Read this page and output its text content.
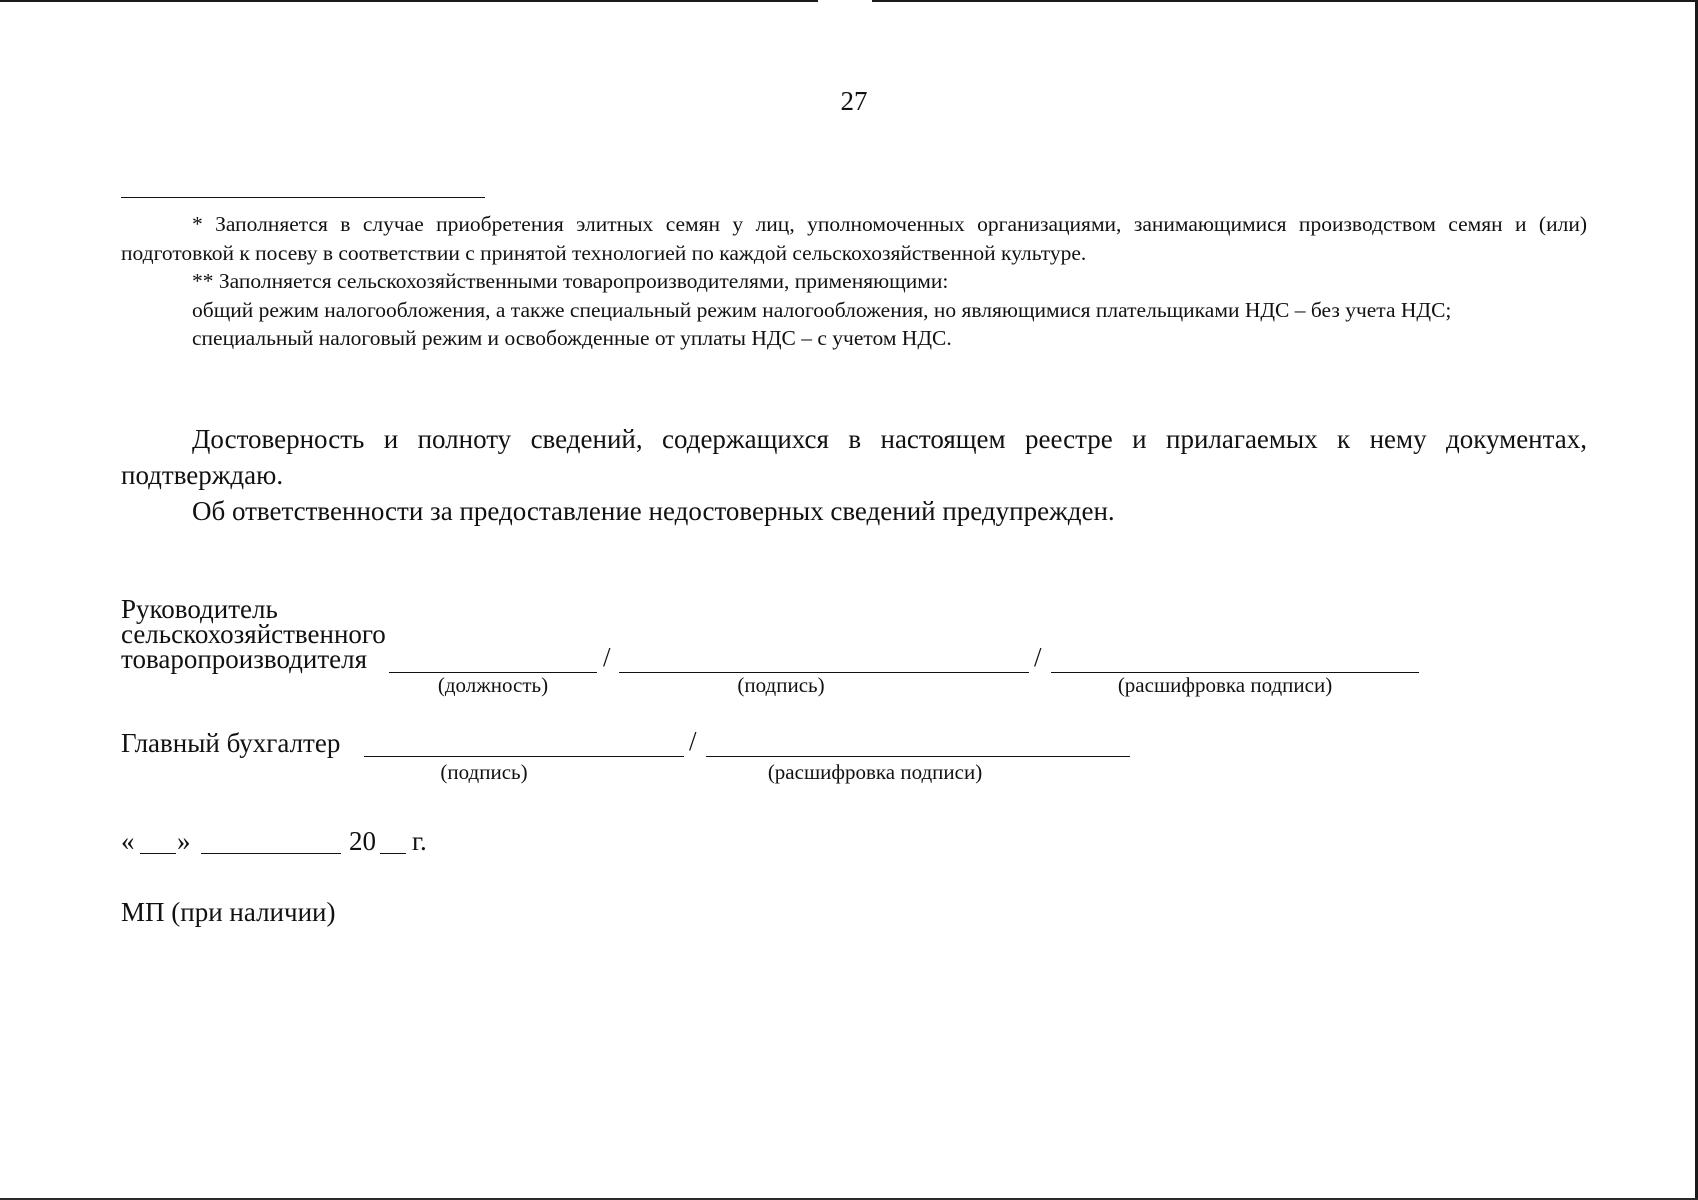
27

* Заполняется в случае приобретения элитных семян у лиц, уполномоченных организациями, занимающимися производством семян и (или) подготовкой к посеву в соответствии с принятой технологией по каждой сельскохозяйственной культуре.

** Заполняется сельскохозяйственными товаропроизводителями, применяющими:

общий режим налогообложения, а также специальный режим налогообложения, но являющимися плательщиками НДС – без учета НДС;

специальный налоговый режим и освобожденные от уплаты НДС – с учетом НДС.

Достоверность и полноту сведений, содержащихся в настоящем реестре и прилагаемых к нему документах, подтверждаю.

Об ответственности за предоставление недостоверных сведений предупрежден.

Руководитель
сельскохозяйственного
товаропроизводителя	/	/
(должность)	(подпись)	(расшифровка подписи)
Главный бухгалтер	/
(подпись)	(расшифровка подписи)
« »	20 г.
МП (при наличии)
